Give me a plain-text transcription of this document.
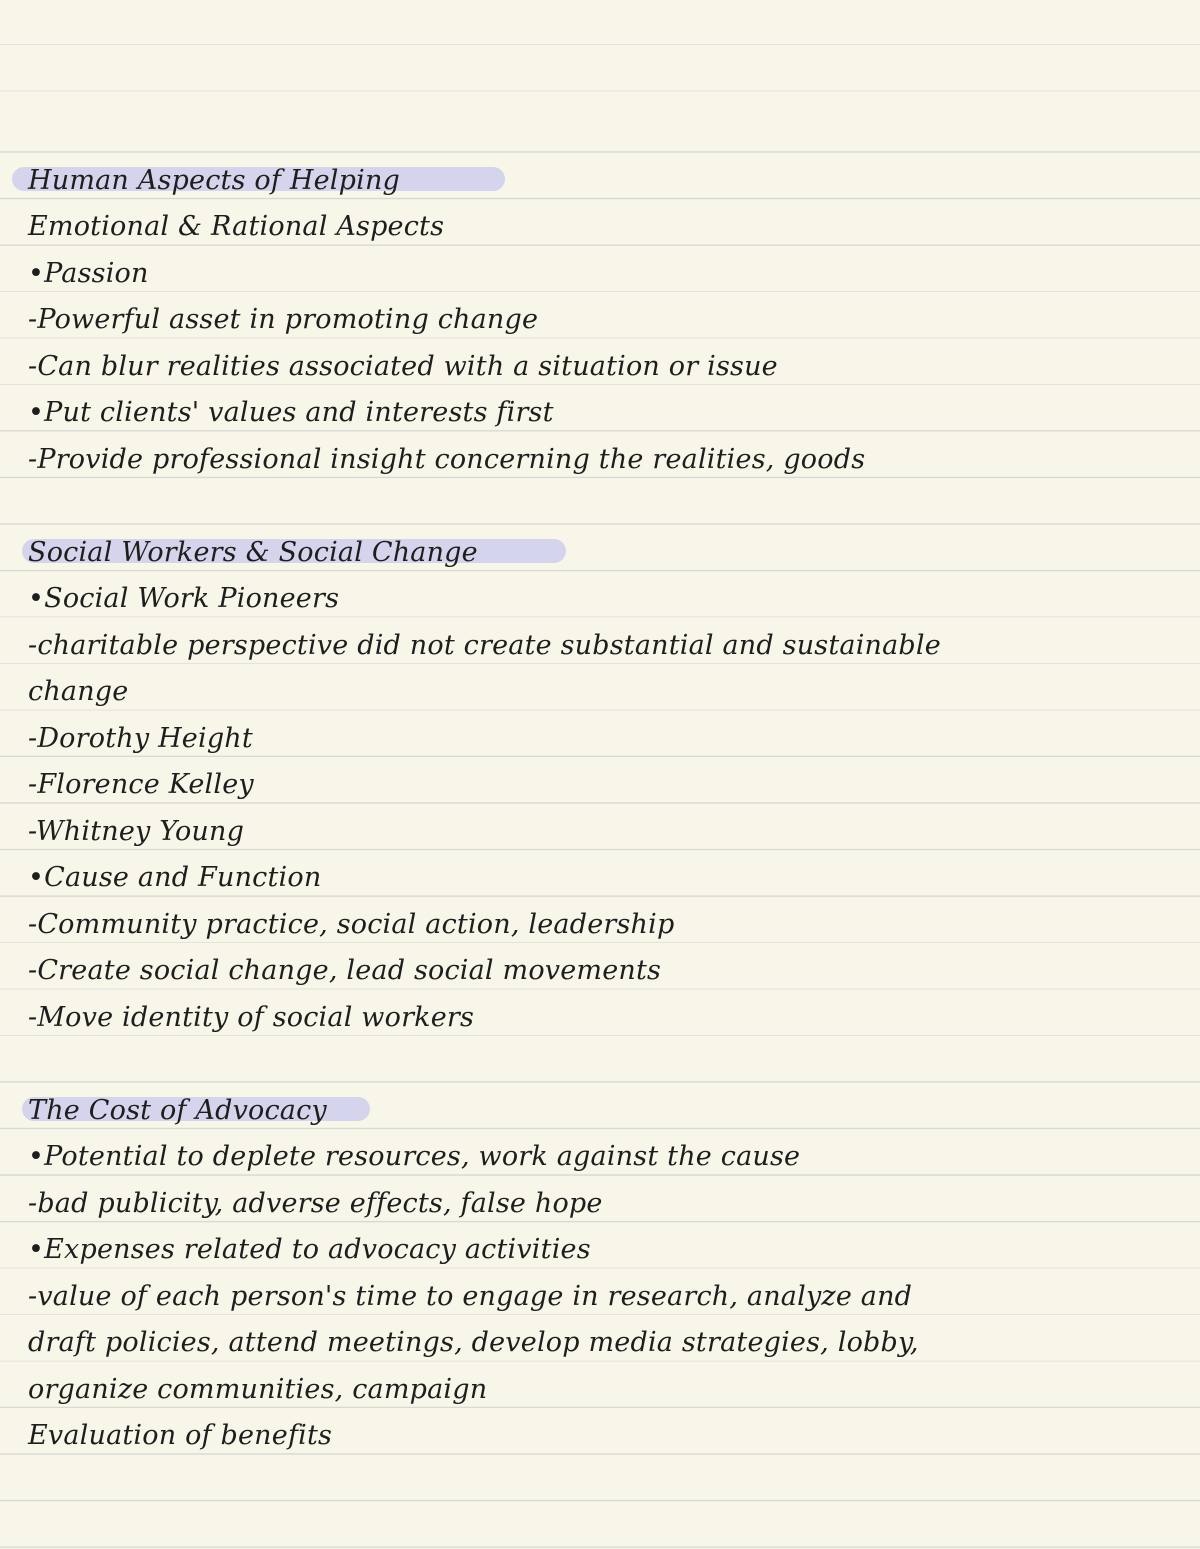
Human Aspects of Helping
Emotional & Rational Aspects
•Passion
-Powerful asset in promoting change
-Can blur realities associated with a situation or issue
•Put clients' values and interests first
-Provide professional insight concerning the realities, goods
Social Workers & Social Change
•Social Work Pioneers
-charitable perspective did not create substantial and sustainable
change
-Dorothy Height
-Florence Kelley
-Whitney Young
•Cause and Function
-Community practice, social action, leadership
-Create social change, lead social movements
-Move identity of social workers
The Cost of Advocacy
•Potential to deplete resources, work against the cause
-bad publicity, adverse effects, false hope
•Expenses related to advocacy activities
-value of each person's time to engage in research, analyze and
draft policies, attend meetings, develop media strategies, lobby,
organize communities, campaign
Evaluation of benefits
